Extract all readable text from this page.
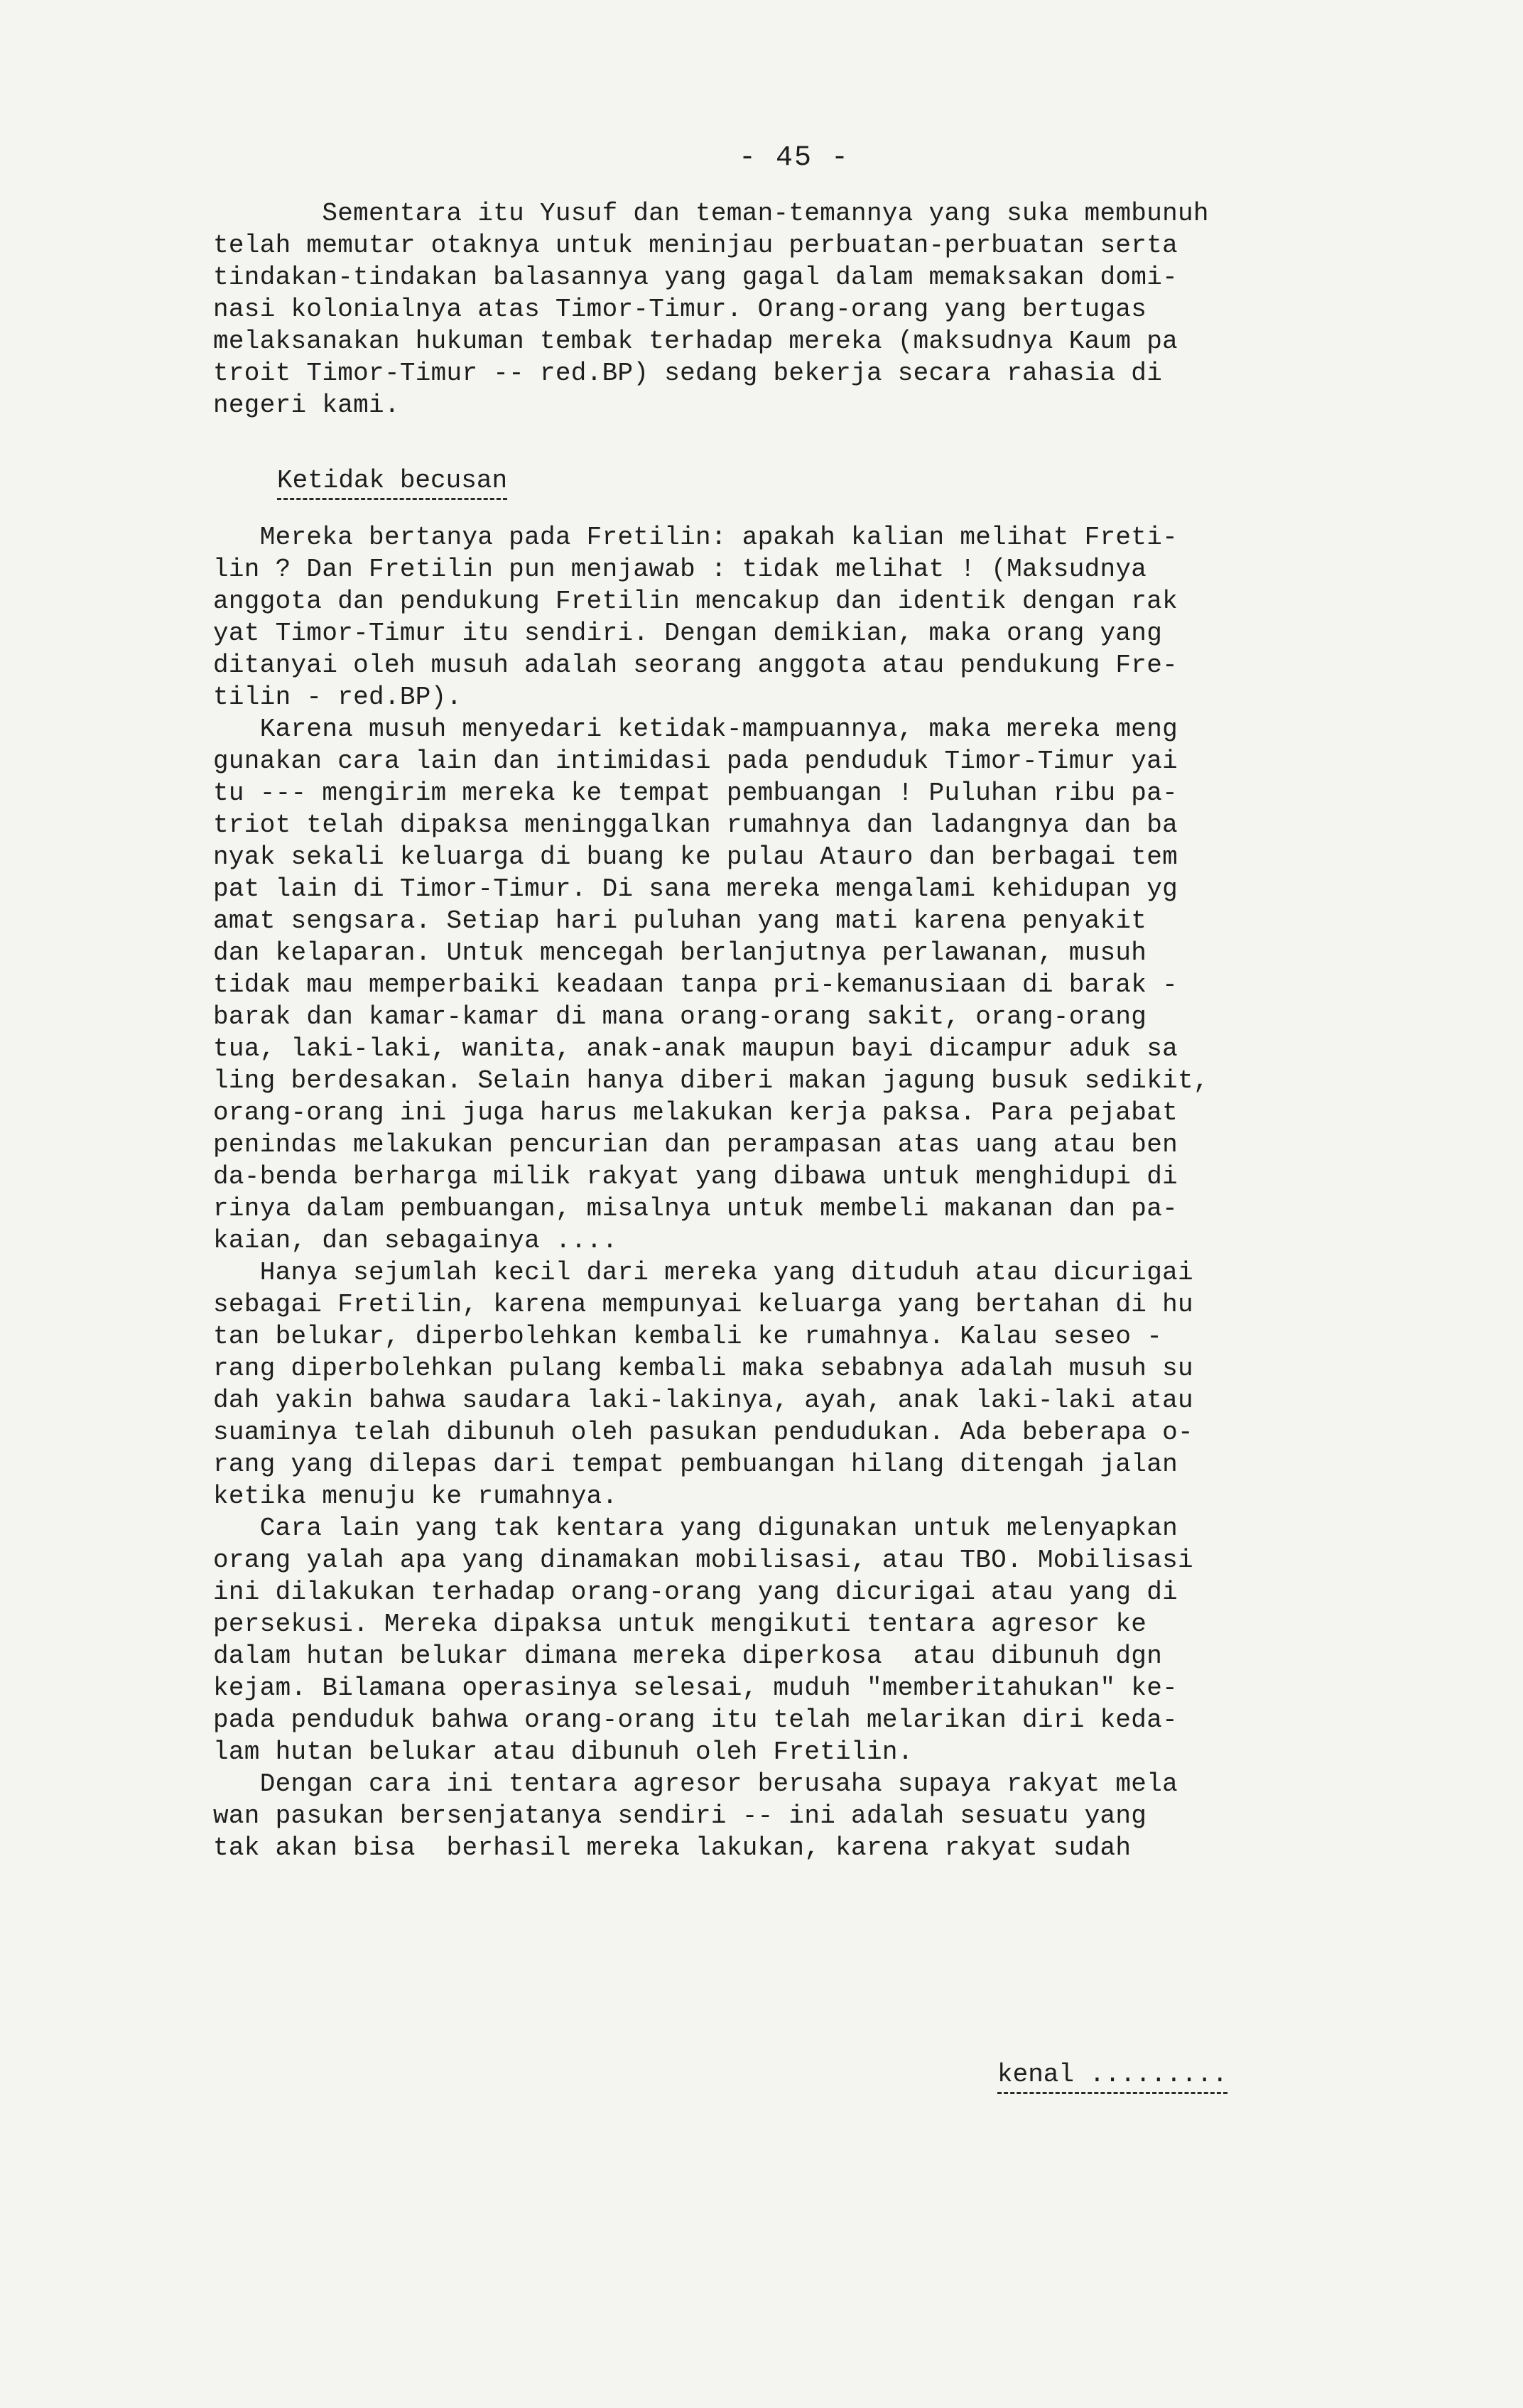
- 45 -
Sementara itu Yusuf dan teman-temannya yang suka membunuh
telah memutar otaknya untuk meninjau perbuatan-perbuatan serta
tindakan-tindakan balasannya yang gagal dalam memaksakan domi-
nasi kolonialnya atas Timor-Timur. Orang-orang yang bertugas
melaksanakan hukuman tembak terhadap mereka (maksudnya Kaum pa
troit Timor-Timur -- red.BP) sedang bekerja secara rahasia di
negeri kami.
Ketidak becusan
Mereka bertanya pada Fretilin: apakah kalian melihat Freti-
lin ? Dan Fretilin pun menjawab : tidak melihat ! (Maksudnya
anggota dan pendukung Fretilin mencakup dan identik dengan rak
yat Timor-Timur itu sendiri. Dengan demikian, maka orang yang
ditanyai oleh musuh adalah seorang anggota atau pendukung Fre-
tilin - red.BP).
Karena musuh menyedari ketidak-mampuannya, maka mereka meng
gunakan cara lain dan intimidasi pada penduduk Timor-Timur yai
tu --- mengirim mereka ke tempat pembuangan ! Puluhan ribu pa-
triot telah dipaksa meninggalkan rumahnya dan ladangnya dan ba
nyak sekali keluarga di buang ke pulau Atauro dan berbagai tem
pat lain di Timor-Timur. Di sana mereka mengalami kehidupan yg
amat sengsara. Setiap hari puluhan yang mati karena penyakit
dan kelaparan. Untuk mencegah berlanjutnya perlawanan, musuh
tidak mau memperbaiki keadaan tanpa pri-kemanusiaan di barak -
barak dan kamar-kamar di mana orang-orang sakit, orang-orang
tua, laki-laki, wanita, anak-anak maupun bayi dicampur aduk sa
ling berdesakan. Selain hanya diberi makan jagung busuk sedikit,
orang-orang ini juga harus melakukan kerja paksa. Para pejabat
penindas melakukan pencurian dan perampasan atas uang atau ben
da-benda berharga milik rakyat yang dibawa untuk menghidupi di
rinya dalam pembuangan, misalnya untuk membeli makanan dan pa-
kaian, dan sebagainya ....
Hanya sejumlah kecil dari mereka yang dituduh atau dicurigai
sebagai Fretilin, karena mempunyai keluarga yang bertahan di hu
tan belukar, diperbolehkan kembali ke rumahnya. Kalau seseo -
rang diperbolehkan pulang kembali maka sebabnya adalah musuh su
dah yakin bahwa saudara laki-lakinya, ayah, anak laki-laki atau
suaminya telah dibunuh oleh pasukan pendudukan. Ada beberapa o-
rang yang dilepas dari tempat pembuangan hilang ditengah jalan
ketika menuju ke rumahnya.
Cara lain yang tak kentara yang digunakan untuk melenyapkan
orang yalah apa yang dinamakan mobilisasi, atau TBO. Mobilisasi
ini dilakukan terhadap orang-orang yang dicurigai atau yang di
persekusi. Mereka dipaksa untuk mengikuti tentara agresor ke
dalam hutan belukar dimana mereka diperkosa  atau dibunuh dgn
kejam. Bilamana operasinya selesai, muduh "memberitahukan" ke-
pada penduduk bahwa orang-orang itu telah melarikan diri keda-
lam hutan belukar atau dibunuh oleh Fretilin.
Dengan cara ini tentara agresor berusaha supaya rakyat mela
wan pasukan bersenjatanya sendiri -- ini adalah sesuatu yang
tak akan bisa  berhasil mereka lakukan, karena rakyat sudah
kenal .........
